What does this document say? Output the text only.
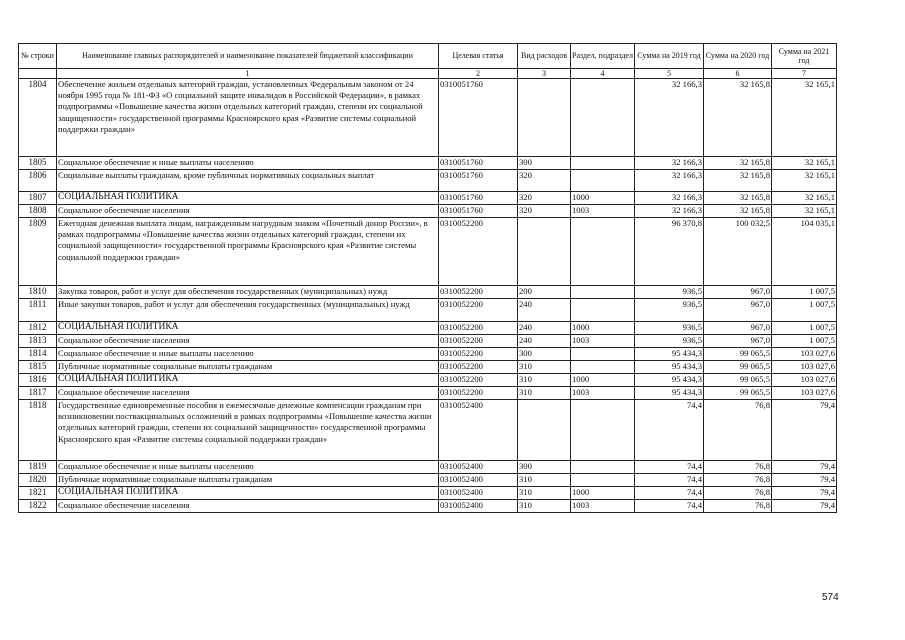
№ строки	Наименование главных распорядителей и наименование показателей бюджетной классификации	Целевая статья	Вид расходов	Раздел, подраздел	Сумма на 2019 год	Сумма на 2020 год	Сумма на 2021 год
	1	2	3	4	5	6	7
1804	Обеспечение жильем отдельных категорий граждан, установленных Федеральным законом от 24 ноября 1995 года № 181-ФЗ «О социальной защите инвалидов в Российской Федерации», в рамках подпрограммы «Повышение качества жизни отдельных категорий граждан, степени их социальной защищенности» государственной программы Красноярского края «Развитие системы социальной поддержки граждан»	0310051760			32 166,3	32 165,8	32 165,1
1805	Социальное обеспечение и иные выплаты населению	0310051760	300		32 166,3	32 165,8	32 165,1
1806	Социальные выплаты гражданам, кроме публичных нормативных социальных выплат	0310051760	320		32 166,3	32 165,8	32 165,1
1807	СОЦИАЛЬНАЯ ПОЛИТИКА	0310051760	320	1000	32 166,3	32 165,8	32 165,1
1808	Социальное обеспечение населения	0310051760	320	1003	32 166,3	32 165,8	32 165,1
1809	Ежегодная денежная выплата лицам, награжденным нагрудным знаком «Почетный донор России», в рамках подпрограммы «Повышение качества жизни отдельных категорий граждан, степени их социальной защищенности» государственной программы Красноярского края «Развитие системы социальной поддержки граждан»	0310052200			96 370,8	100 032,5	104 035,1
1810	Закупка товаров, работ и услуг для обеспечения государственных (муниципальных) нужд	0310052200	200		936,5	967,0	1 007,5
1811	Иные закупки товаров, работ и услуг для обеспечения государственных (муниципальных) нужд	0310052200	240		936,5	967,0	1 007,5
1812	СОЦИАЛЬНАЯ ПОЛИТИКА	0310052200	240	1000	936,5	967,0	1 007,5
1813	Социальное обеспечение населения	0310052200	240	1003	936,5	967,0	1 007,5
1814	Социальное обеспечение и иные выплаты населению	0310052200	300		95 434,3	99 065,5	103 027,6
1815	Публичные нормативные социальные выплаты гражданам	0310052200	310		95 434,3	99 065,5	103 027,6
1816	СОЦИАЛЬНАЯ ПОЛИТИКА	0310052200	310	1000	95 434,3	99 065,5	103 027,6
1817	Социальное обеспечение населения	0310052200	310	1003	95 434,3	99 065,5	103 027,6
1818	Государственные единовременные пособия и ежемесячные денежные компенсации гражданам при возникновении поствакцинальных осложнений в рамках подпрограммы «Повышение качества жизни отдельных категорий граждан, степени их социальной защищенности» государственной программы Красноярского края «Развитие системы социальной поддержки граждан»	0310052400			74,4	76,8	79,4
1819	Социальное обеспечение и иные выплаты населению	0310052400	300		74,4	76,8	79,4
1820	Публичные нормативные социальные выплаты гражданам	0310052400	310		74,4	76,8	79,4
1821	СОЦИАЛЬНАЯ ПОЛИТИКА	0310052400	310	1000	74,4	76,8	79,4
1822	Социальное обеспечение населения	0310052400	310	1003	74,4	76,8	79,4
574
